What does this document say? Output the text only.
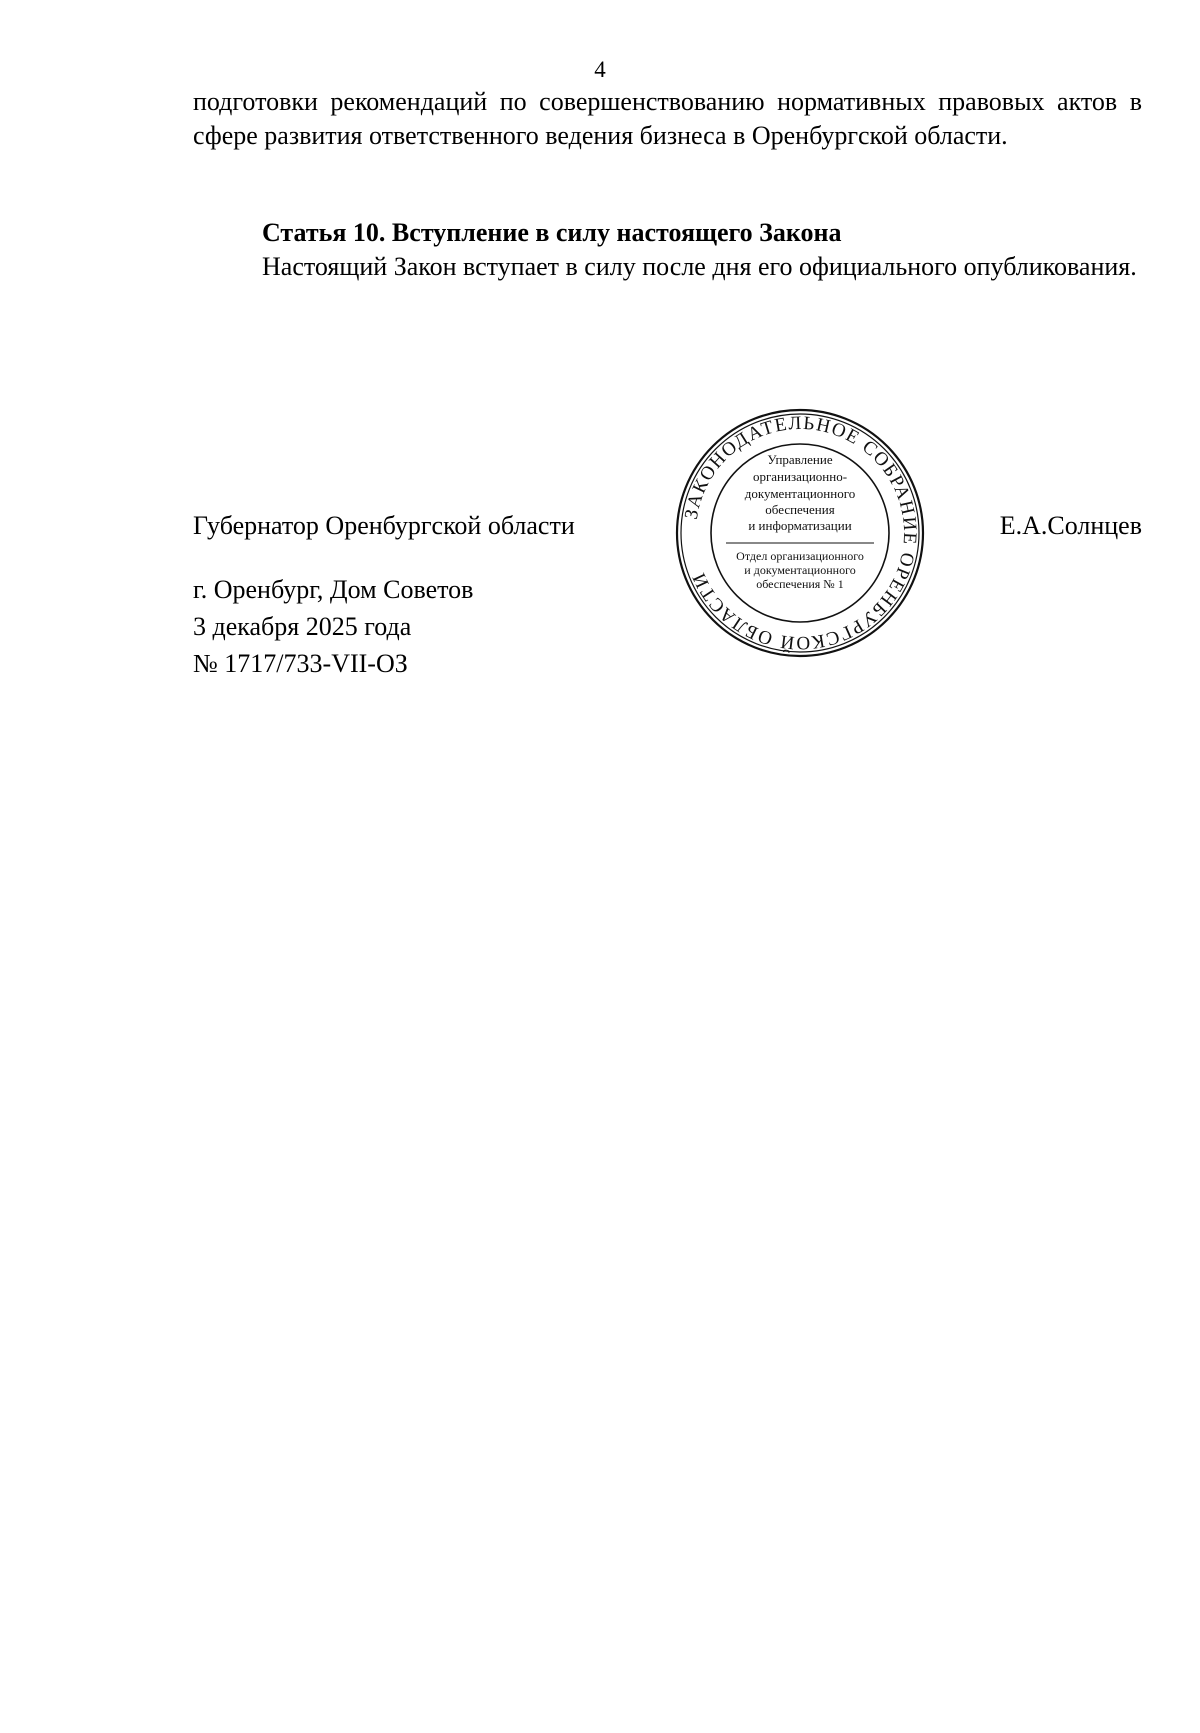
4
подготовки рекомендаций по совершенствованию нормативных правовых актов в сфере развития ответственного ведения бизнеса в Оренбургской области.
Статья 10. Вступление в силу настоящего Закона
Настоящий Закон вступает в силу после дня его официального опубликования.
Губернатор Оренбургской области	Е.А.Солнцев
ЗАКОНОДАТЕЛЬНОЕ СОБРАНИЕ ОРЕНБУРГСКОЙ ОБЛАСТИ
Управление
организационно-
документационного
обеспечения
и информатизации
Отдел организационного
и документационного
обеспечения № 1
г. Оренбург, Дом Советов
3 декабря 2025 года
№ 1717/733-VII-ОЗ
